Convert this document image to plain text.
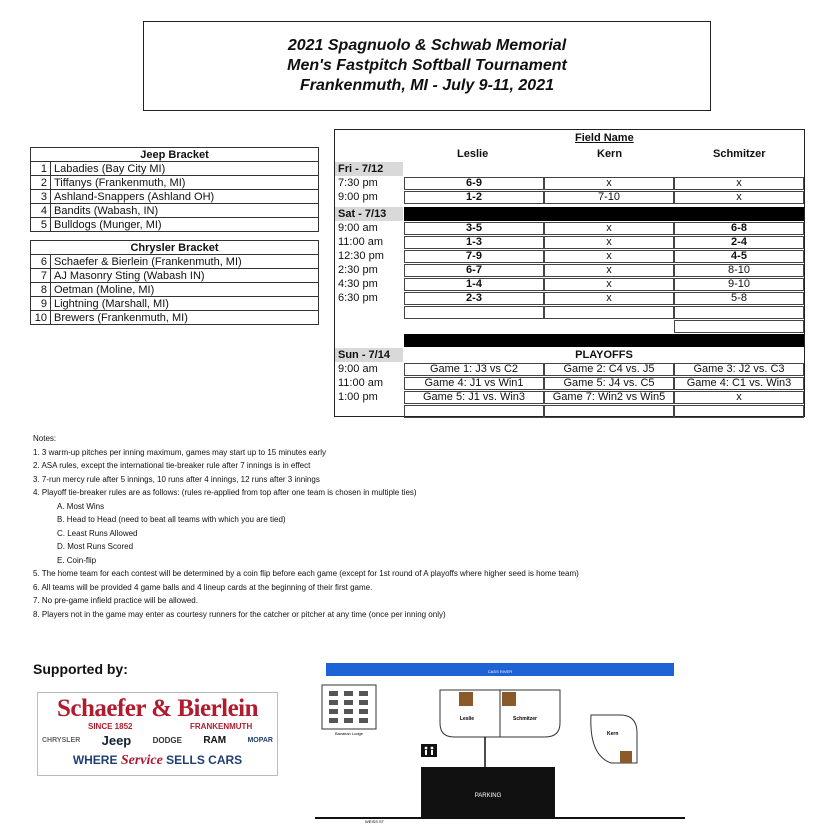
2021 Spagnuolo & Schwab Memorial
Men's Fastpitch Softball Tournament
Frankenmuth, MI - July 9-11, 2021
Jeep Bracket	
1	Labadies (Bay City MI)
2	Tiffanys (Frankenmuth, MI)
3	Ashland-Snappers (Ashland OH)
4	Bandits (Wabash, IN)
5	Bulldogs (Munger, MI)

Chrysler Bracket	
6	Schaefer & Bierlein (Frankenmuth, MI)
7	AJ Masonry Sting (Wabash IN)
8	Oetman (Moline, MI)
9	Lightning (Marshall, MI)
10	Brewers (Frankenmuth, MI)
Field Name
Leslie	Kern	Schmitzer
Fri - 7/12
7:30 pm	6-9	x	x
9:00 pm	1-2	7-10	x
Sat - 7/13
9:00 am	3-5	x	6-8
11:00 am	1-3	x	2-4
12:30 pm	7-9	x	4-5
2:30 pm	6-7	x	8-10
4:30 pm	1-4	x	9-10
6:30 pm	2-3	x	5-8
Sun - 7/14	PLAYOFFS
9:00 am	Game 1: J3 vs C2	Game 2: C4 vs. J5	Game 3: J2 vs. C3
11:00 am	Game 4: J1 vs Win1	Game 5: J4 vs. C5	Game 4: C1 vs. Win3
1:00 pm	Game 5: J1 vs. Win3	Game 7: Win2 vs Win5	x
Notes:
1. 3 warm-up pitches per inning maximum, games may start up to 15 minutes early
2. ASA rules, except the international tie-breaker rule after 7 innings is in effect
3. 7-run mercy rule after 5 innings, 10 runs after 4 innings, 12 runs after 3 innings
4. Playoff tie-breaker rules are as follows: (rules re-applied from top after one team is chosen in multiple ties)
A. Most Wins
B. Head to Head (need to beat all teams with which you are tied)
C. Least Runs Allowed
D. Most Runs Scored
E. Coin-flip
5. The home team for each contest will be determined by a coin flip before each game (except for 1st round of A playoffs where higher seed is home team)
6. All teams will be provided 4 game balls and 4 lineup cards at the beginning of their first game.
7. No pre-game infield practice will be allowed.
8. Players not in the game may enter as courtesy runners for the catcher or pitcher at any time (once per inning only)
Supported by:
Schaefer & Bierlein
SINCE 1852	FRANKENMUTH
CHRYSLER Jeep	DODGE RAM	MOPAR
WHERE Service SELLS CARS
CASS RIVER
Bavarian Lodge
Leslie	Schmitzer
Kern
PARKING
WEISS ST
